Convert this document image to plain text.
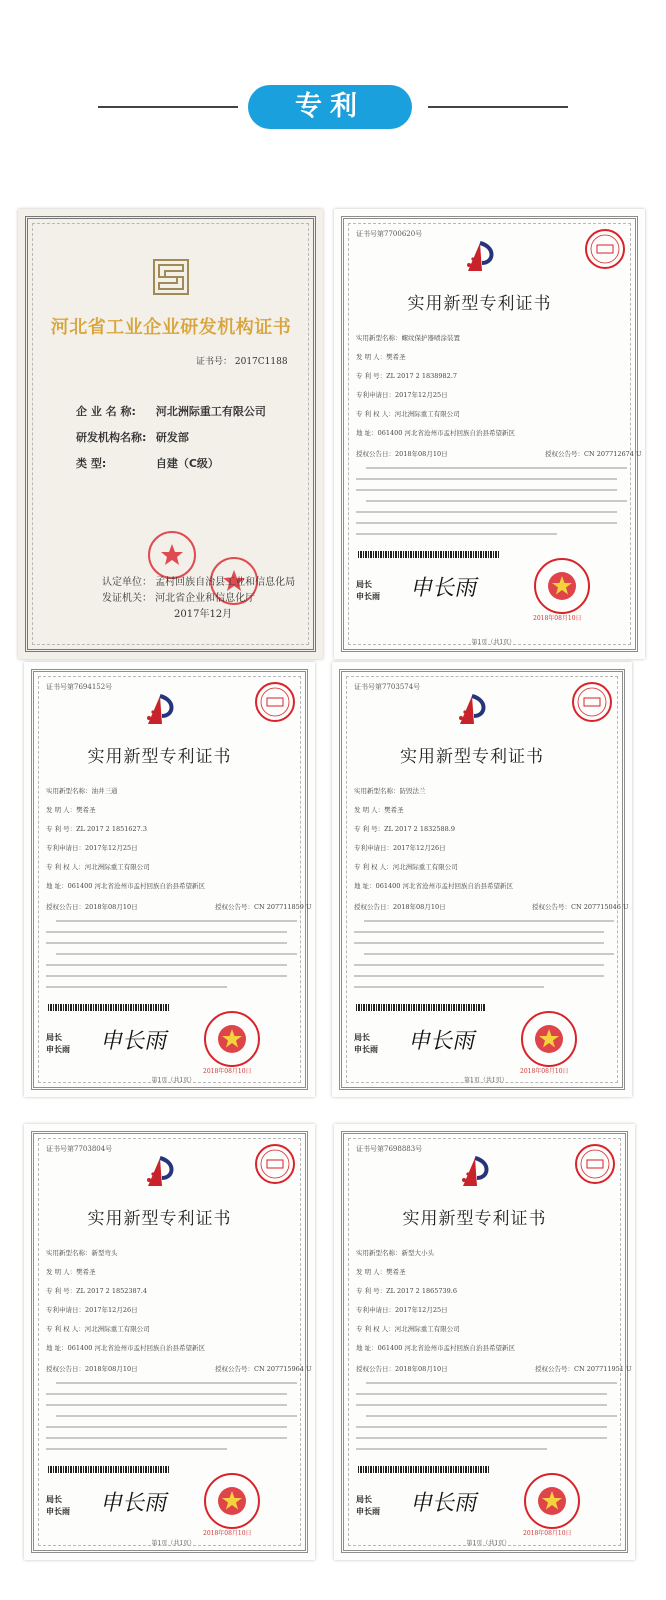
专利
河北省工业企业研发机构证书
证书号： 2017C1188
企 业 名 称: 河北洲际重工有限公司
研发机构名称: 研发部
类 型:	自建（C级）
认定单位： 孟村回族自治县工业和信息化局
发证机关： 河北省企业和信息化厅
2017年12月
证书号第7700620号
实用新型专利证书
实用新型名称：螺纹保护器喷涂装置
发 明 人：樊希圣
专 利 号：ZL 2017 2 1838982.7
专利申请日：2017年12月25日
专 利 权 人：河北洲际重工有限公司
地 址：061400 河北省沧州市孟村回族自治县希望新区
授权公告日：2018年08月10日	授权公告号：CN 207712674 U
局长
申长雨 申长雨
2018年08月10日
第1页（共1页）
证书号第7694152号
实用新型专利证书
实用新型名称：油井三通
发 明 人：樊希圣
专 利 号：ZL 2017 2 1851627.3
专利申请日：2017年12月25日
专 利 权 人：河北洲际重工有限公司
地 址：061400 河北省沧州市孟村回族自治县希望新区
授权公告日：2018年08月10日	授权公告号：CN 207711859 U
局长
申长雨 申长雨
2018年08月10日
第1页（共1页）
证书号第7703574号
实用新型专利证书
实用新型名称：防毁法兰
发 明 人：樊希圣
专 利 号：ZL 2017 2 1832588.9
专利申请日：2017年12月26日
专 利 权 人：河北洲际重工有限公司
地 址：061400 河北省沧州市孟村回族自治县希望新区
授权公告日：2018年08月10日	授权公告号：CN 207715046 U
局长
申长雨 申长雨
2018年08月10日
第1页（共1页）
证书号第7703804号
实用新型专利证书
实用新型名称：新型弯头
发 明 人：樊希圣
专 利 号：ZL 2017 2 1852387.4
专利申请日：2017年12月26日
专 利 权 人：河北洲际重工有限公司
地 址：061400 河北省沧州市孟村回族自治县希望新区
授权公告日：2018年08月10日	授权公告号：CN 207715964 U
局长
申长雨 申长雨
2018年08月10日
第1页（共1页）
证书号第7698883号
实用新型专利证书
实用新型名称：新型大小头
发 明 人：樊希圣
专 利 号：ZL 2017 2 1865739.6
专利申请日：2017年12月25日
专 利 权 人：河北洲际重工有限公司
地 址：061400 河北省沧州市孟村回族自治县希望新区
授权公告日：2018年08月10日	授权公告号：CN 207711951 U
局长
申长雨 申长雨
2018年08月10日
第1页（共1页）
